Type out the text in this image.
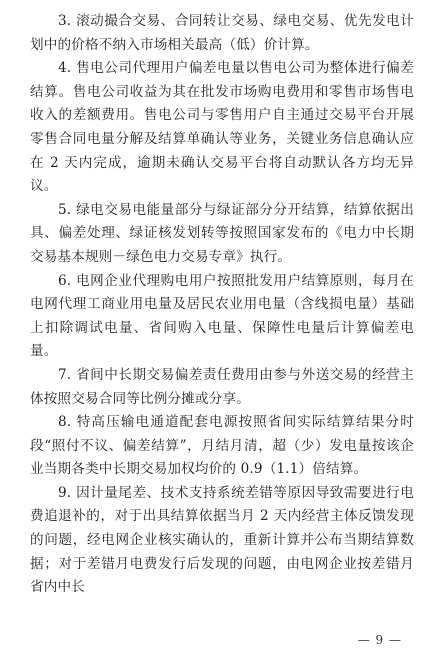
3. 滚动撮合交易、合同转让交易、绿电交易、优先发电计划中的价格不纳入市场相关最高（低）价计算。

4. 售电公司代理用户偏差电量以售电公司为整体进行偏差结算。售电公司收益为其在批发市场购电费用和零售市场售电收入的差额费用。售电公司与零售用户自主通过交易平台开展零售合同电量分解及结算单确认等业务，关键业务信息确认应在 2 天内完成，逾期未确认交易平台将自动默认各方均无异议。

5. 绿电交易电能量部分与绿证部分分开结算，结算依据出具、偏差处理、绿证核发划转等按照国家发布的《电力中长期交易基本规则－绿色电力交易专章》执行。

6. 电网企业代理购电用户按照批发用户结算原则，每月在电网代理工商业用电量及居民农业用电量（含线损电量）基础上扣除调试电量、省间购入电量、保障性电量后计算偏差电量。

7. 省间中长期交易偏差责任费用由参与外送交易的经营主体按照交易合同等比例分摊或分享。

8. 特高压输电通道配套电源按照省间实际结算结果分时段“照付不议、偏差结算”，月结月清，超（少）发电量按该企业当期各类中长期交易加权均价的 0.9（1.1）倍结算。

9. 因计量尾差、技术支持系统差错等原因导致需要进行电费追退补的，对于出具结算依据当月 2 天内经营主体反馈发现的问题，经电网企业核实确认的，重新计算并公布当期结算数据；对于差错月电费发行后发现的问题，由电网企业按差错月省内中长

— 9 —
